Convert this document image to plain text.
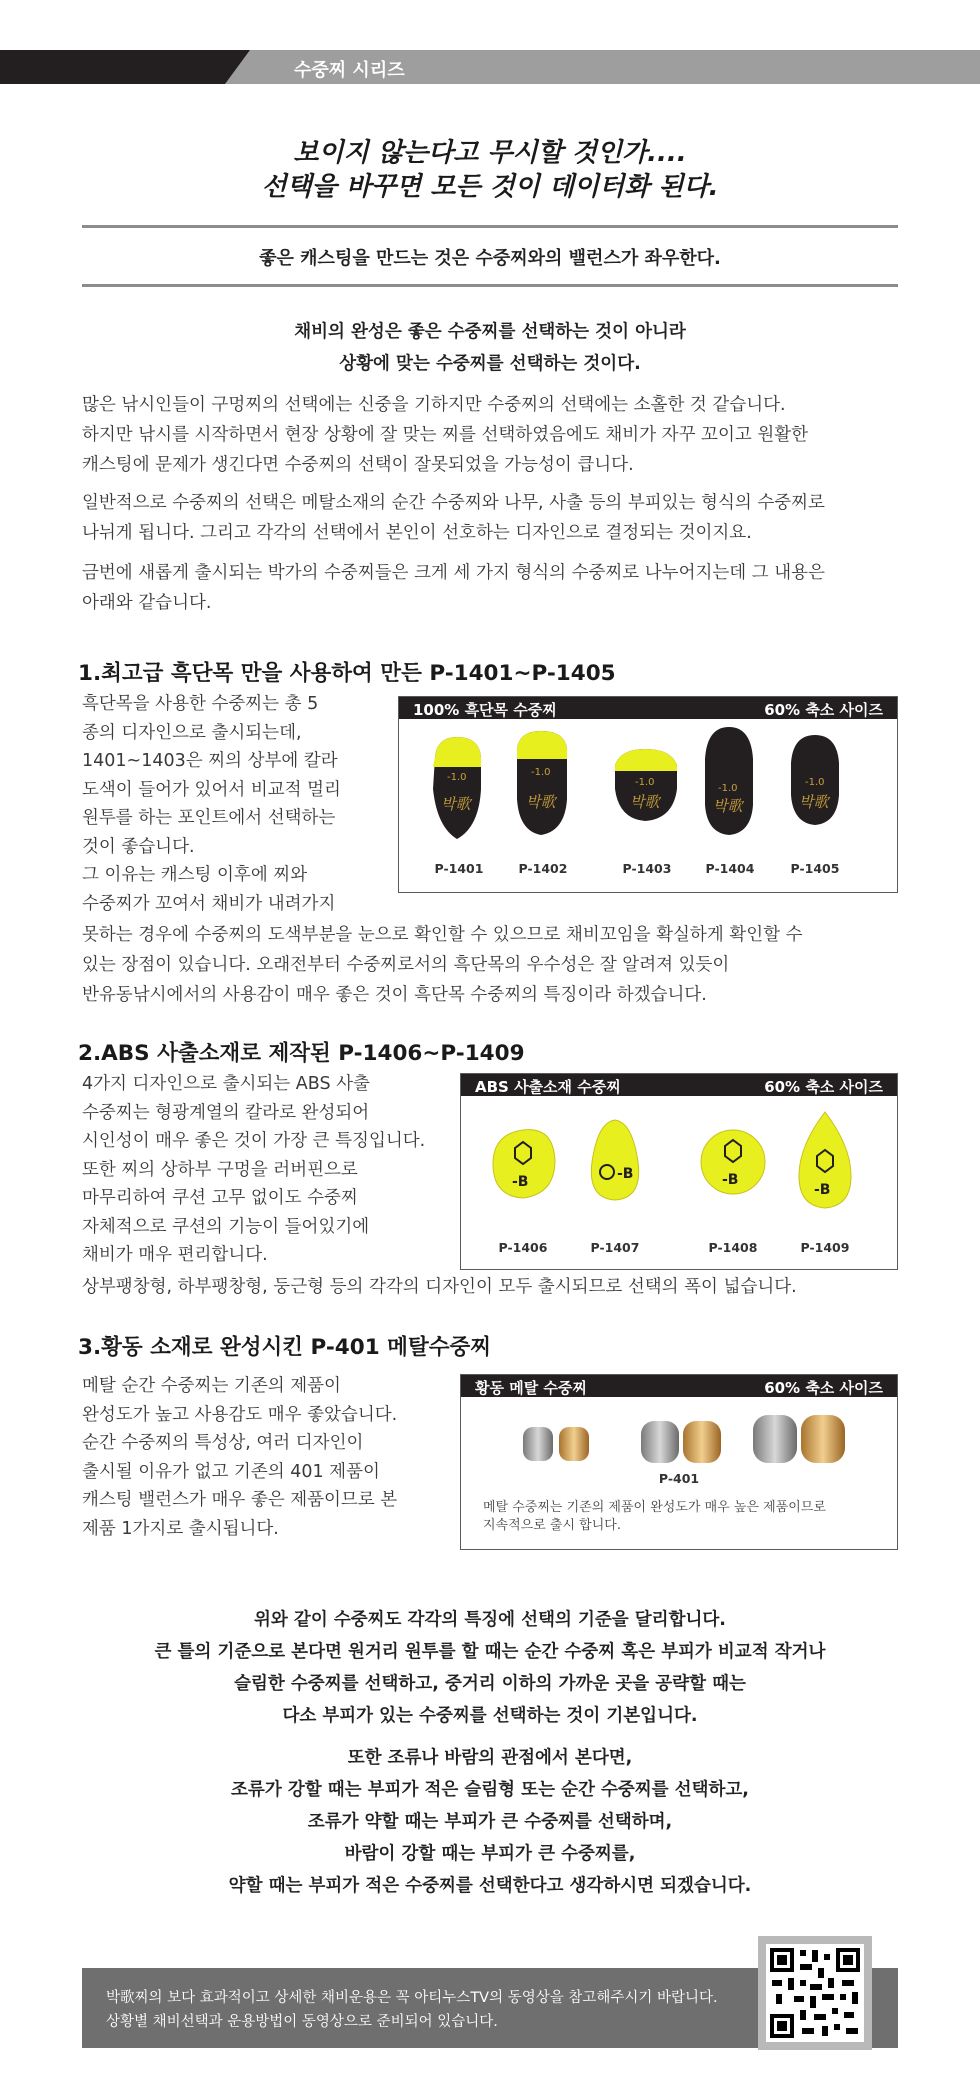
수중찌 시리즈
보이지 않는다고 무시할 것인가....
선택을 바꾸면 모든 것이 데이터화 된다.
좋은 캐스팅을 만드는 것은 수중찌와의 밸런스가 좌우한다.
채비의 완성은 좋은 수중찌를 선택하는 것이 아니라
상황에 맞는 수중찌를 선택하는 것이다.
많은 낚시인들이 구멍찌의 선택에는 신중을 기하지만 수중찌의 선택에는 소홀한 것 같습니다.
하지만 낚시를 시작하면서 현장 상황에 잘 맞는 찌를 선택하였음에도 채비가 자꾸 꼬이고 원활한
캐스팅에 문제가 생긴다면 수중찌의 선택이 잘못되었을 가능성이 큽니다.
일반적으로 수중찌의 선택은 메탈소재의 순간 수중찌와 나무, 사출 등의 부피있는 형식의 수중찌로
나뉘게 됩니다. 그리고 각각의 선택에서 본인이 선호하는 디자인으로 결정되는 것이지요.
금번에 새롭게 출시되는 박가의 수중찌들은 크게 세 가지 형식의 수중찌로 나누어지는데 그 내용은
아래와 같습니다.
1.최고급 흑단목 만을 사용하여 만든 P-1401~P-1405
흑단목을 사용한 수중찌는 총 5
종의 디자인으로 출시되는데,
1401~1403은 찌의 상부에 칼라
도색이 들어가 있어서 비교적 멀리
원투를 하는 포인트에서 선택하는
것이 좋습니다.
그 이유는 캐스팅 이후에 찌와
수중찌가 꼬여서 채비가 내려가지
100% 흑단목 수중찌	60% 축소 사이즈
-1.0
박歌
-1.0
박歌
-1.0
박歌
-1.0
박歌
-1.0
박歌
P-1401	P-1402	P-1403	P-1404	P-1405
못하는 경우에 수중찌의 도색부분을 눈으로 확인할 수 있으므로 채비꼬임을 확실하게 확인할 수
있는 장점이 있습니다. 오래전부터 수중찌로서의 흑단목의 우수성은 잘 알려져 있듯이
반유동낚시에서의 사용감이 매우 좋은 것이 흑단목 수중찌의 특징이라 하겠습니다.
2.ABS 사출소재로 제작된 P-1406~P-1409
4가지 디자인으로 출시되는 ABS 사출
수중찌는 형광계열의 칼라로 완성되어
시인성이 매우 좋은 것이 가장 큰 특징입니다.
또한 찌의 상하부 구멍을 러버핀으로
마무리하여 쿠션 고무 없이도 수중찌
자체적으로 쿠션의 기능이 들어있기에
채비가 매우 편리합니다.
ABS 사출소재 수중찌	60% 축소 사이즈
-B	-B	-B
-B
P-1406	P-1407	P-1408	P-1409
상부팽창형, 하부팽창형, 둥근형 등의 각각의 디자인이 모두 출시되므로 선택의 폭이 넓습니다.
3.황동 소재로 완성시킨 P-401 메탈수중찌
메탈 순간 수중찌는 기존의 제품이
완성도가 높고 사용감도 매우 좋았습니다.
순간 수중찌의 특성상, 여러 디자인이
출시될 이유가 없고 기존의 401 제품이
캐스팅 밸런스가 매우 좋은 제품이므로 본
제품 1가지로 출시됩니다.
황동 메탈 수중찌	60% 축소 사이즈
P-401
메탈 수중찌는 기존의 제품이 완성도가 매우 높은 제품이므로
지속적으로 출시 합니다.
위와 같이 수중찌도 각각의 특징에 선택의 기준을 달리합니다.
큰 틀의 기준으로 본다면 원거리 원투를 할 때는 순간 수중찌 혹은 부피가 비교적 작거나
슬림한 수중찌를 선택하고, 중거리 이하의 가까운 곳을 공략할 때는
다소 부피가 있는 수중찌를 선택하는 것이 기본입니다.
또한 조류나 바람의 관점에서 본다면,
조류가 강할 때는 부피가 적은 슬림형 또는 순간 수중찌를 선택하고,
조류가 약할 때는 부피가 큰 수중찌를 선택하며,
바람이 강할 때는 부피가 큰 수중찌를,
약할 때는 부피가 적은 수중찌를 선택한다고 생각하시면 되겠습니다.
박歌찌의 보다 효과적이고 상세한 채비운용은 꼭 아티누스TV의 동영상을 참고해주시기 바랍니다.
상황별 채비선택과 운용방법이 동영상으로 준비되어 있습니다.
